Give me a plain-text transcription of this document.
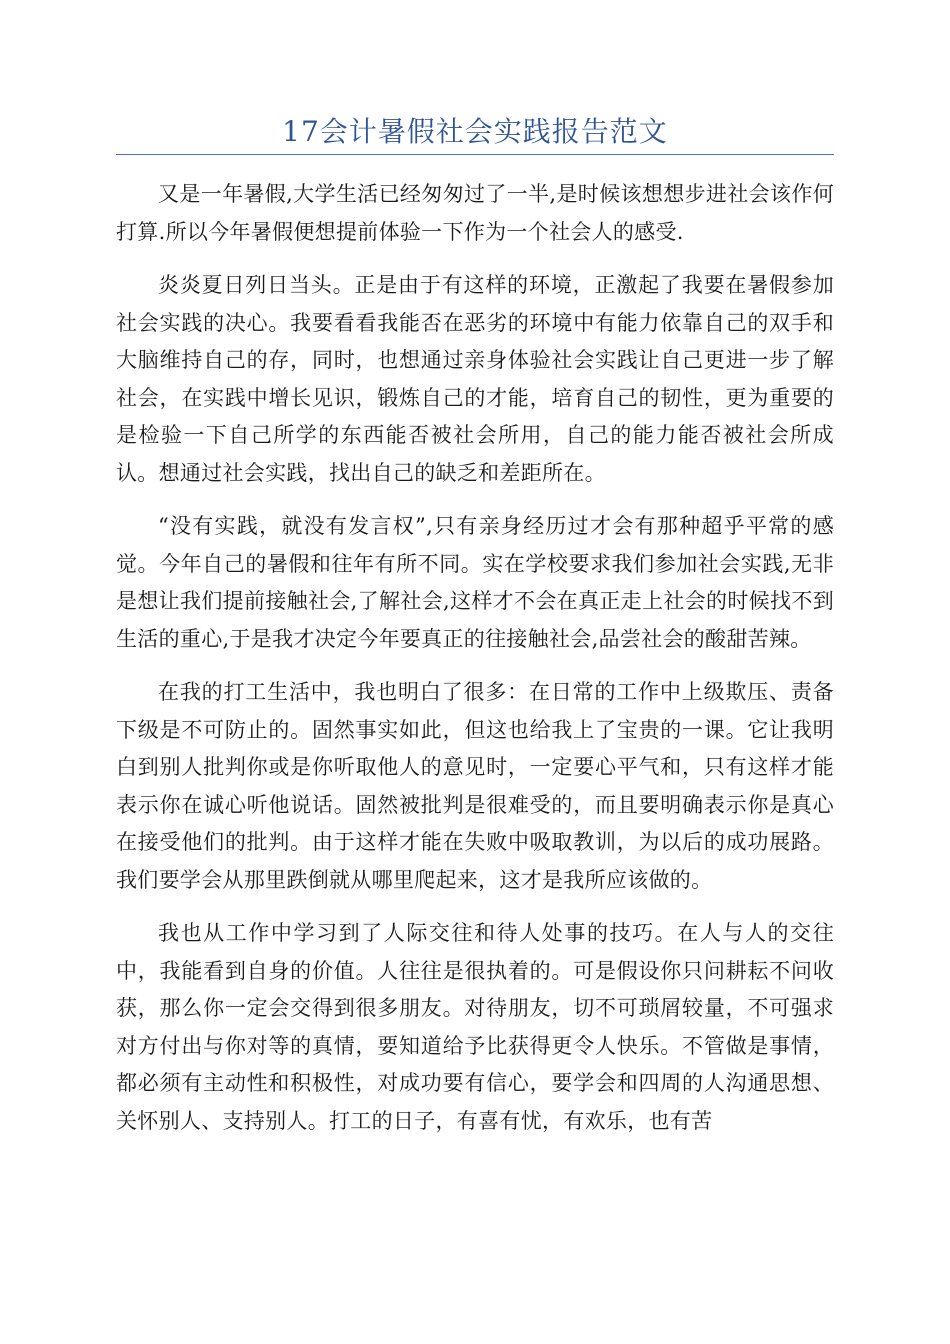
17会计暑假社会实践报告范文

又是一年暑假,大学生活已经匆匆过了一半,是时候该想想步进社会该作何打算.所以今年暑假便想提前体验一下作为一个社会人的感受.

炎炎夏日列日当头。正是由于有这样的环境，正激起了我要在暑假参加社会实践的决心。我要看看我能否在恶劣的环境中有能力依靠自己的双手和大脑维持自己的存，同时，也想通过亲身体验社会实践让自己更进一步了解社会，在实践中增长见识，锻炼自己的才能，培育自己的韧性，更为重要的是检验一下自己所学的东西能否被社会所用，自己的能力能否被社会所成认。想通过社会实践，找出自己的缺乏和差距所在。

“没有实践，就没有发言权”,只有亲身经历过才会有那种超乎平常的感觉。今年自己的暑假和往年有所不同。实在学校要求我们参加社会实践,无非是想让我们提前接触社会,了解社会,这样才不会在真正走上社会的时候找不到生活的重心,于是我才决定今年要真正的往接触社会,品尝社会的酸甜苦辣。

在我的打工生活中，我也明白了很多：在日常的工作中上级欺压、责备下级是不可防止的。固然事实如此，但这也给我上了宝贵的一课。它让我明白到别人批判你或是你听取他人的意见时，一定要心平气和，只有这样才能表示你在诚心听他说话。固然被批判是很难受的，而且要明确表示你是真心在接受他们的批判。由于这样才能在失败中吸取教训，为以后的成功展路。我们要学会从那里跌倒就从哪里爬起来，这才是我所应该做的。

我也从工作中学习到了人际交往和待人处事的技巧。在人与人的交往中，我能看到自身的价值。人往往是很执着的。可是假设你只问耕耘不问收获，那么你一定会交得到很多朋友。对待朋友，切不可琐屑较量，不可强求对方付出与你对等的真情，要知道给予比获得更令人快乐。不管做是事情，都必须有主动性和积极性，对成功要有信心，要学会和四周的人沟通思想、关怀别人、支持别人。打工的日子，有喜有忧，有欢乐，也有苦
